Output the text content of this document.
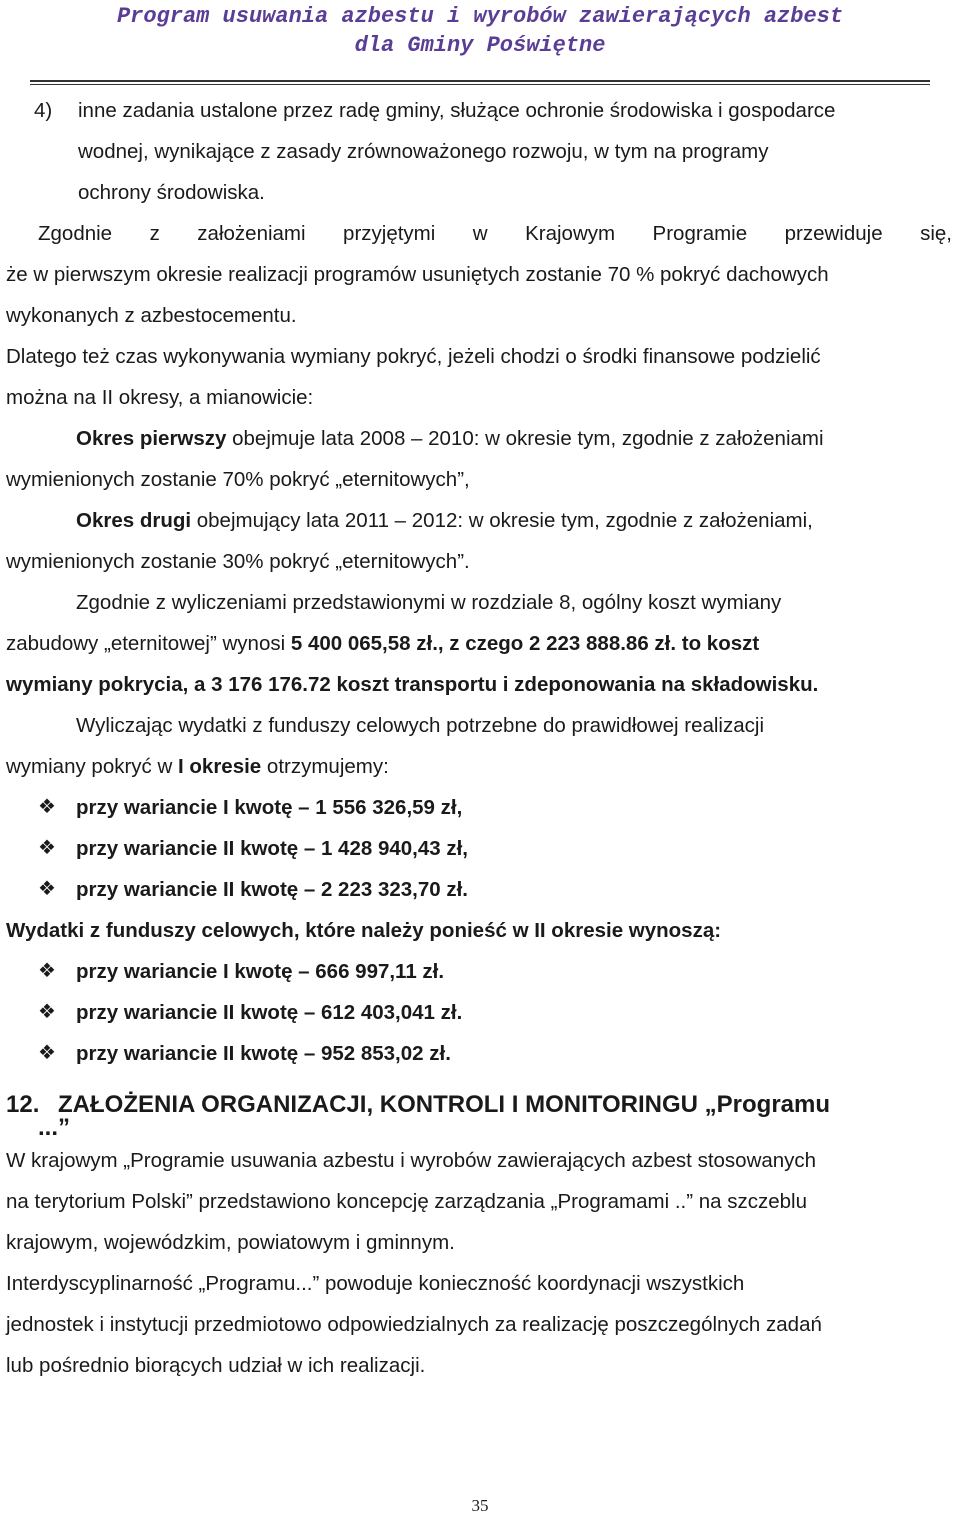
Program usuwania azbestu i wyrobów zawierających azbest
dla Gminy Poświętne

4) inne zadania ustalone przez radę gminy, służące ochronie środowiska i gospodarce
wodnej, wynikające z zasady zrównoważonego rozwoju, w tym na programy
ochrony środowiska.

Zgodnie z założeniami przyjętymi w Krajowym Programie przewiduje się,

że w pierwszym okresie realizacji programów usuniętych zostanie 70 % pokryć dachowych
wykonanych z azbestocementu.

Dlatego też czas wykonywania wymiany pokryć, jeżeli chodzi o środki finansowe podzielić
można na II okresy, a mianowicie:

Okres pierwszy obejmuje lata 2008 – 2010: w okresie tym, zgodnie z założeniami
wymienionych zostanie 70% pokryć „eternitowych”,

Okres drugi obejmujący lata 2011 – 2012: w okresie tym, zgodnie z założeniami,
wymienionych zostanie 30% pokryć „eternitowych”.

Zgodnie z wyliczeniami przedstawionymi w rozdziale 8, ogólny koszt wymiany
zabudowy „eternitowej” wynosi 5 400 065,58 zł., z czego 2 223 888.86 zł. to koszt
wymiany pokrycia, a 3 176 176.72 koszt transportu i zdeponowania na składowisku.

Wyliczając wydatki z funduszy celowych potrzebne do prawidłowej realizacji
wymiany pokryć w I okresie otrzymujemy:

❖ przy wariancie I kwotę – 1 556 326,59 zł,

❖ przy wariancie II kwotę – 1 428 940,43 zł,

❖ przy wariancie II kwotę – 2 223 323,70 zł.

Wydatki z funduszy celowych, które należy ponieść w II okresie wynoszą:

❖ przy wariancie I kwotę – 666 997,11 zł.

❖ przy wariancie II kwotę – 612 403,041 zł.

❖ przy wariancie II kwotę – 952 853,02 zł.

12. ZAŁOŻENIA ORGANIZACJI, KONTROLI I MONITORINGU „Programu
...”

W krajowym „Programie usuwania azbestu i wyrobów zawierających azbest stosowanych
na terytorium Polski” przedstawiono koncepcję zarządzania „Programami ..” na szczeblu
krajowym, wojewódzkim, powiatowym i gminnym.

Interdyscyplinarność „Programu...” powoduje konieczność koordynacji wszystkich
jednostek i instytucji przedmiotowo odpowiedzialnych za realizację poszczególnych zadań
lub pośrednio biorących udział w ich realizacji.

35
